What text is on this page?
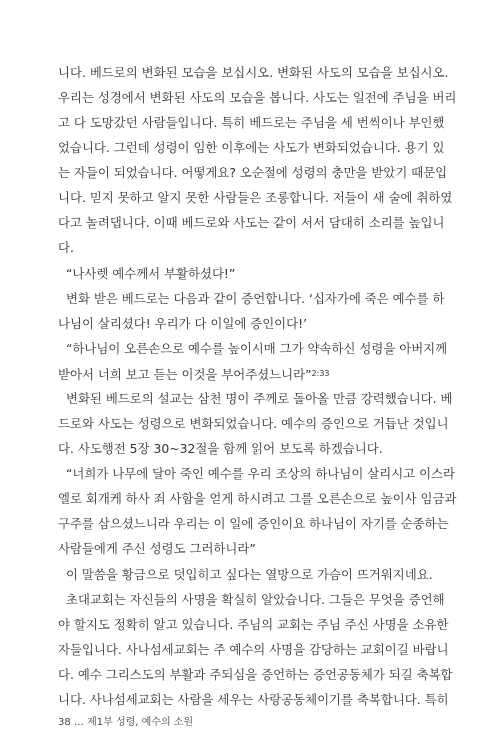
니다. 베드로의 변화된 모습을 보십시오. 변화된 사도의 모습을 보십시오.

우리는 성경에서 변화된 사도의 모습을 봅니다. 사도는 일전에 주님을 버리

고 다 도망갔던 사람들입니다. 특히 베드로는 주님을 세 번씩이나 부인했

었습니다. 그런데 성령이 임한 이후에는 사도가 변화되었습니다. 용기 있

는 자들이 되었습니다. 어떻게요? 오순절에 성령의 충만을 받았기 때문입

니다. 믿지 못하고 알지 못한 사람들은 조롱합니다. 저들이 새 술에 취하였

다고 놀려댑니다. 이때 베드로와 사도는 같이 서서 담대히 소리를 높입니

다.

“나사렛 예수께서 부활하셨다!”

변화 받은 베드로는 다음과 같이 증언합니다. ‘십자가에 죽은 예수를 하

나님이 살리셨다! 우리가 다 이일에 증인이다!’

“하나님이 오른손으로 예수를 높이시매 그가 약속하신 성령을 아버지께

받아서 너희 보고 듣는 이것을 부어주셨느니라”$^{2:33}$

변화된 베드로의 설교는 삼천 명이 주께로 돌아올 만큼 강력했습니다. 베

드로와 사도는 성령으로 변화되었습니다. 예수의 증인으로 거듭난 것입니

다. 사도행전 5장 30~32절을 함께 읽어 보도록 하겠습니다.

“너희가 나무에 달아 죽인 예수를 우리 조상의 하나님이 살리시고 이스라

엘로 회개케 하사 죄 사함을 얻게 하시려고 그를 오른손으로 높이사 임금과

구주를 삼으셨느니라 우리는 이 일에 증인이요 하나님이 자기를 순종하는

사람들에게 주신 성령도 그러하니라”

이 말씀을 황금으로 덧입히고 싶다는 열망으로 가슴이 뜨거워지네요.

초대교회는 자신들의 사명을 확실히 알았습니다. 그들은 무엇을 증언해

야 할지도 정확히 알고 있습니다. 주님의 교회는 주님 주신 사명을 소유한

자들입니다. 사나섬세교회는 주 예수의 사명을 감당하는 교회이길 바랍니

다. 예수 그리스도의 부활과 주되심을 증언하는 증언공동체가 되길 축복합

니다. 사나섬세교회는 사람을 세우는 사랑공동체이기를 축복합니다. 특히

38 … 제1부 성령, 예수의 소원
